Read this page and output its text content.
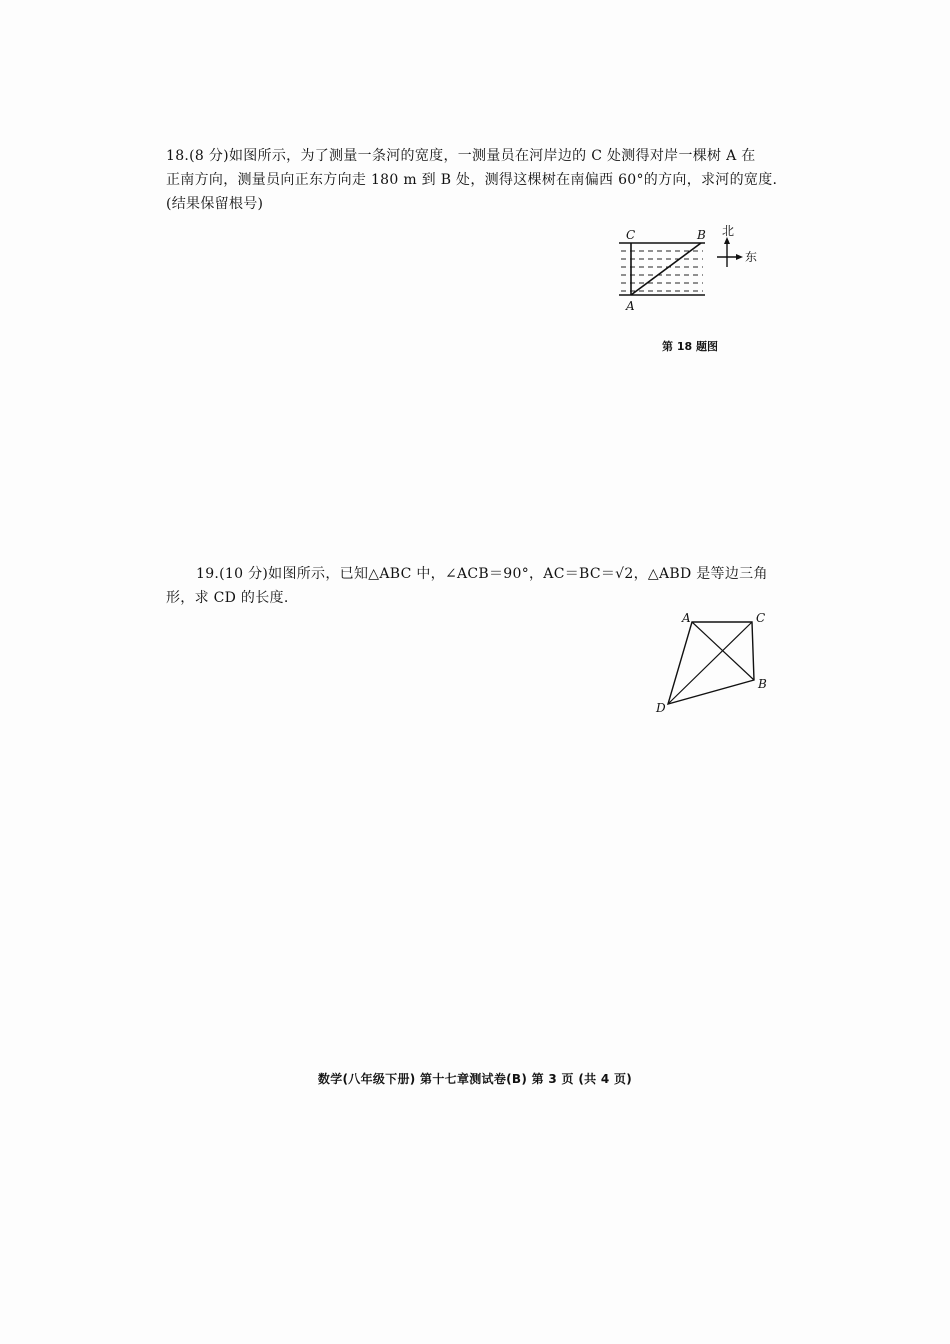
18.(8 分)如图所示，为了测量一条河的宽度，一测量员在河岸边的 C 处测得对岸一棵树 A 在
正南方向，测量员向正东方向走 180 m 到 B 处，测得这棵树在南偏西 60°的方向，求河的宽度.
(结果保留根号)
C	B
A
北
东
第 18 题图
19.(10 分)如图所示，已知△ABC 中，∠ACB＝90°，AC＝BC＝√2，△ABD 是等边三角
形，求 CD 的长度.
A	C
B
D
数学(八年级下册) 第十七章测试卷(B) 第 3 页 (共 4 页)
